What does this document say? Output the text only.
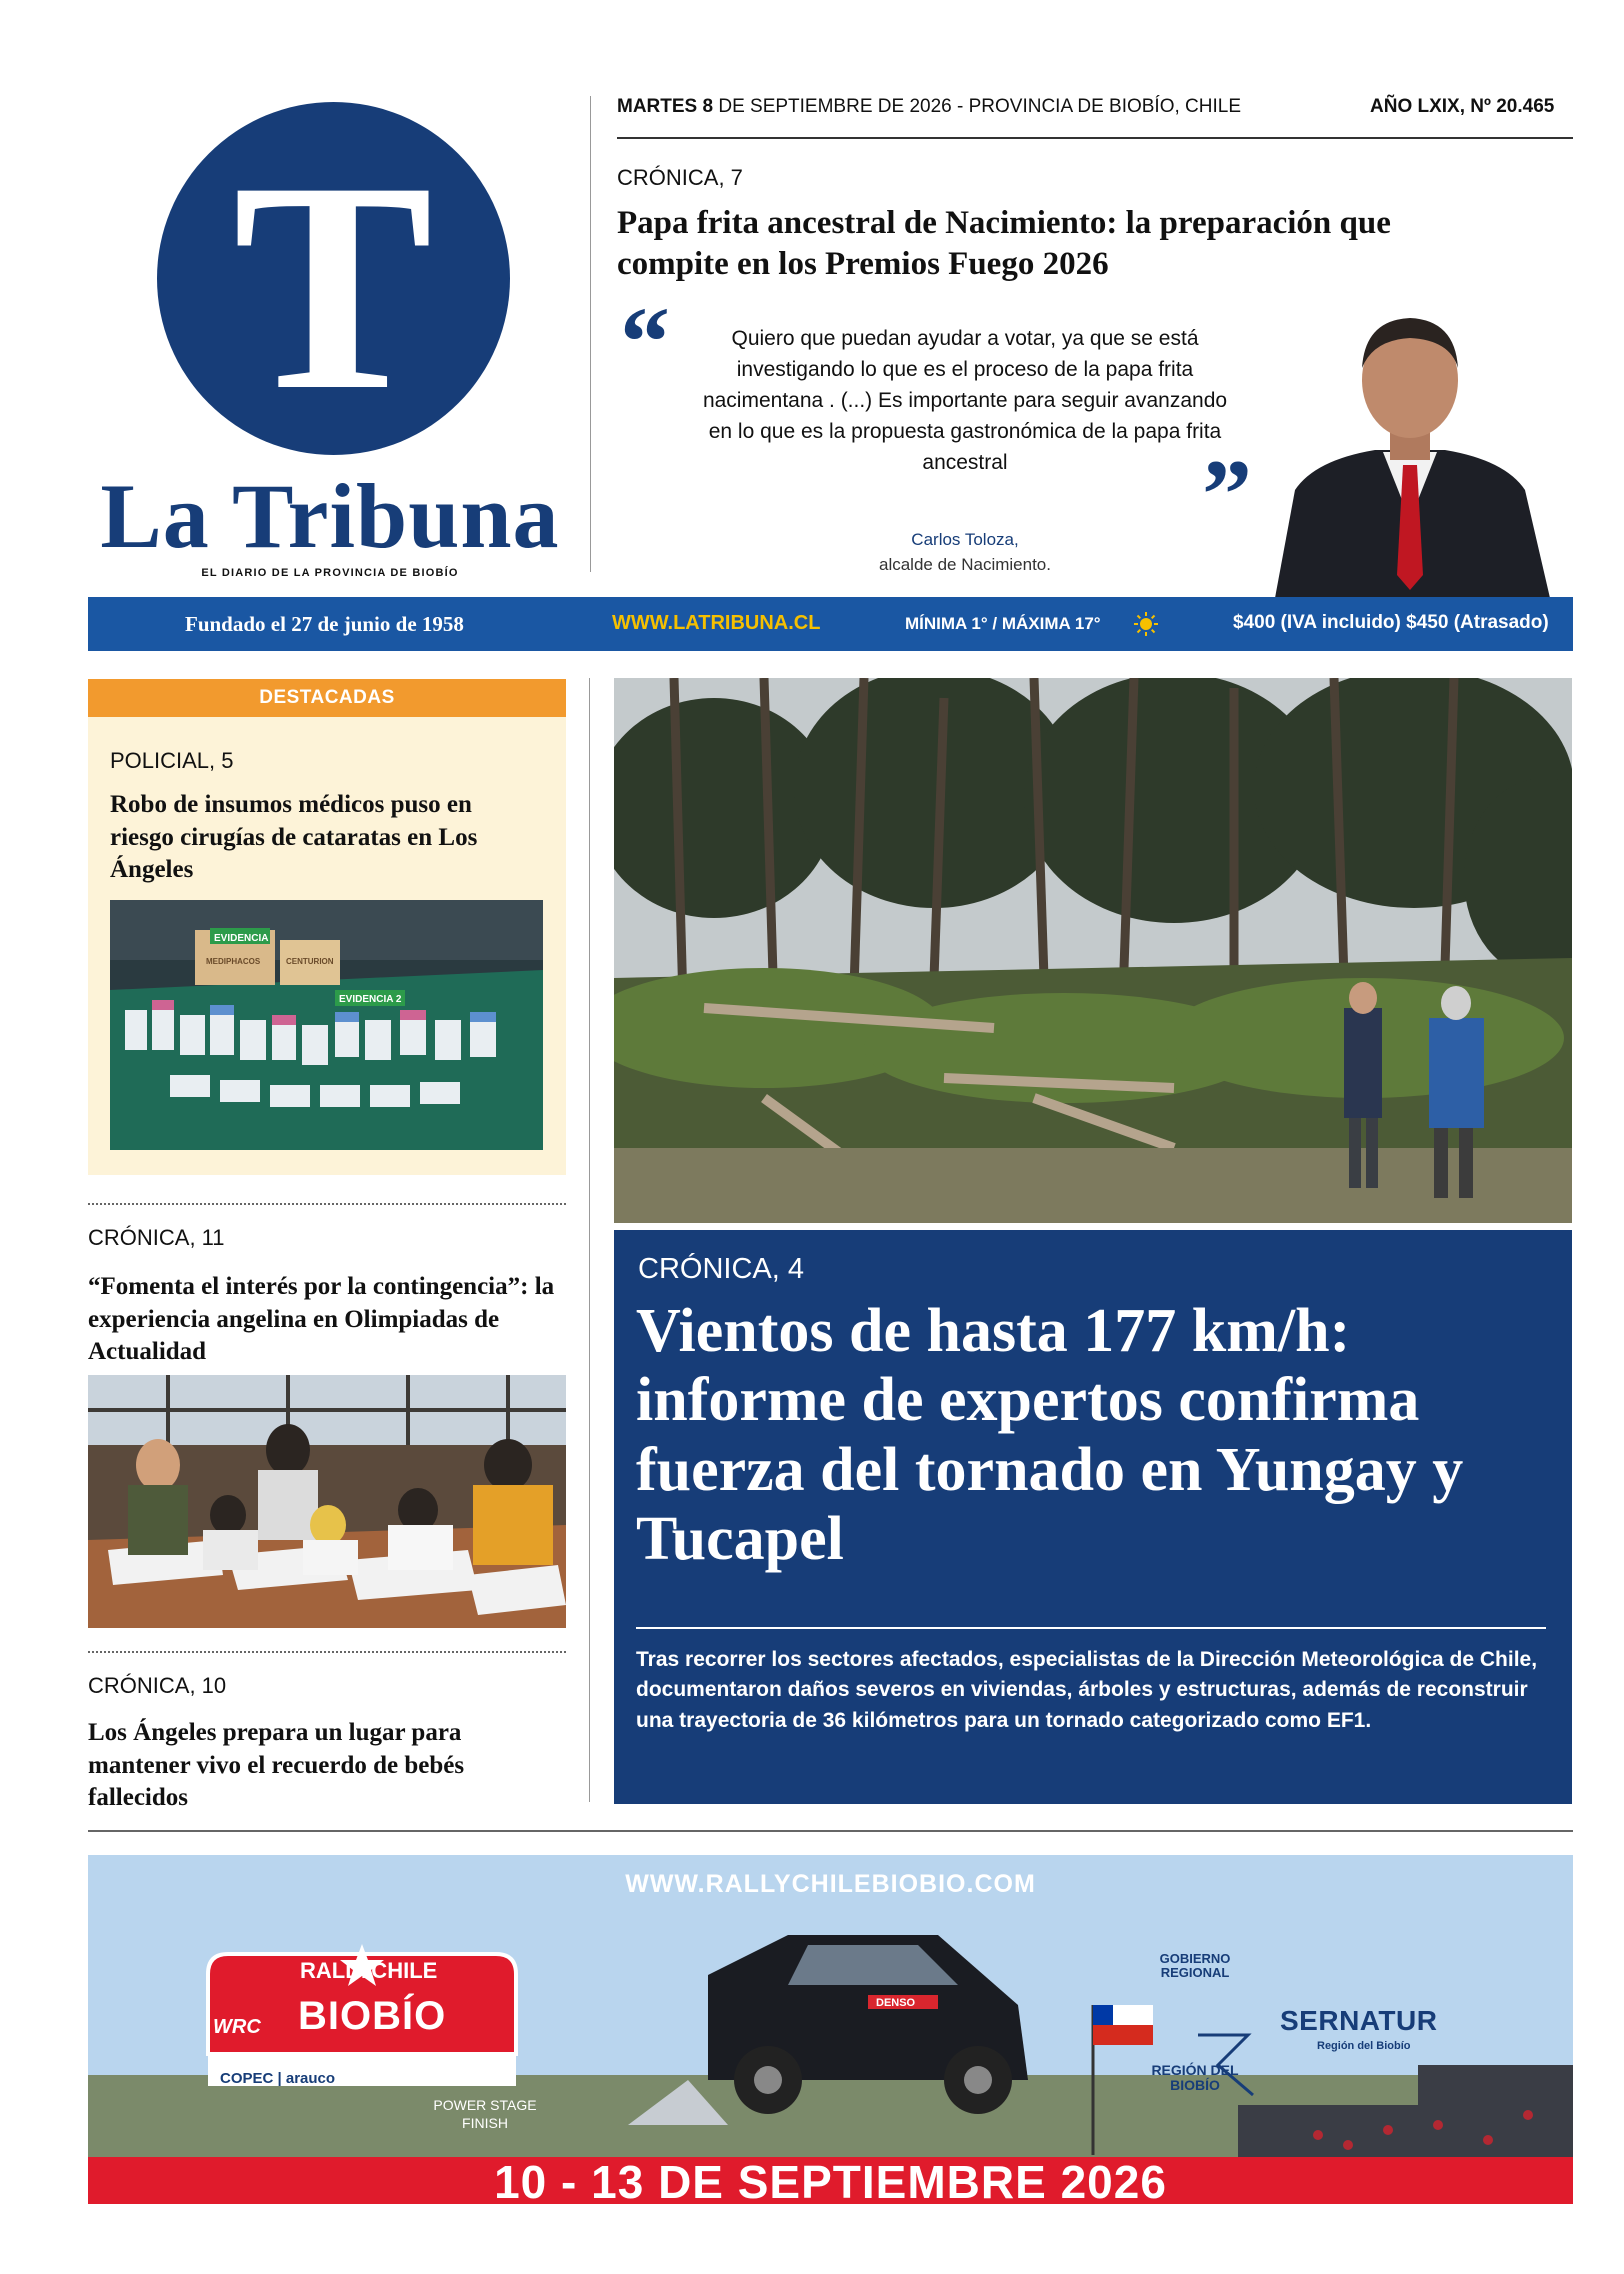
T
La Tribuna
EL DIARIO DE LA PROVINCIA DE BIOBÍO
MARTES 8 DE SEPTIEMBRE DE 2026 - PROVINCIA DE BIOBÍO, CHILE	AÑO LXIX, Nº 20.465
CRÓNICA, 7
Papa frita ancestral de Nacimiento: la preparación que compite en los Premios Fuego 2026
“	Quiero que puedan ayudar a votar, ya que se está investigando lo que es el proceso de la papa frita nacimentana . (...) Es importante para seguir avanzando en lo que es la propuesta gastronómica de la papa frita ancestral	”
Carlos Toloza,
alcalde de Nacimiento.
Fundado el 27 de junio de 1958	WWW.LATRIBUNA.CL	MÍNIMA 1° / MÁXIMA 17°	$400 (IVA incluido) $450 (Atrasado)
DESTACADAS
POLICIAL, 5
Robo de insumos médicos puso en riesgo cirugías de cataratas en Los Ángeles
EVIDENCIA
MEDIPHACOS	CENTURION
EVIDENCIA 2
CRÓNICA, 11
“Fomenta el interés por la contingencia”: la experiencia angelina en Olimpiadas de Actualidad
CRÓNICA, 10
Los Ángeles prepara un lugar para mantener vivo el recuerdo de bebés fallecidos
CRÓNICA, 4
Vientos de hasta 177 km/h: informe de expertos confirma fuerza del tornado en Yungay y Tucapel
Tras recorrer los sectores afectados, especialistas de la Dirección Meteorológica de Chile, documentaron daños severos en viviendas, árboles y estructuras, además de reconstruir una trayectoria de 36 kilómetros para un tornado categorizado como EF1.
DENSO
WWW.RALLYCHILEBIOBIO.COM
RALLYCHILE
BIOBÍO
WRC
COPEC | arauco
GOBIERNO REGIONAL
REGIÓN DEL BIOBÍO
SERNATUR
Región del Biobío
POWER STAGE FINISH
10 - 13 DE SEPTIEMBRE 2026
